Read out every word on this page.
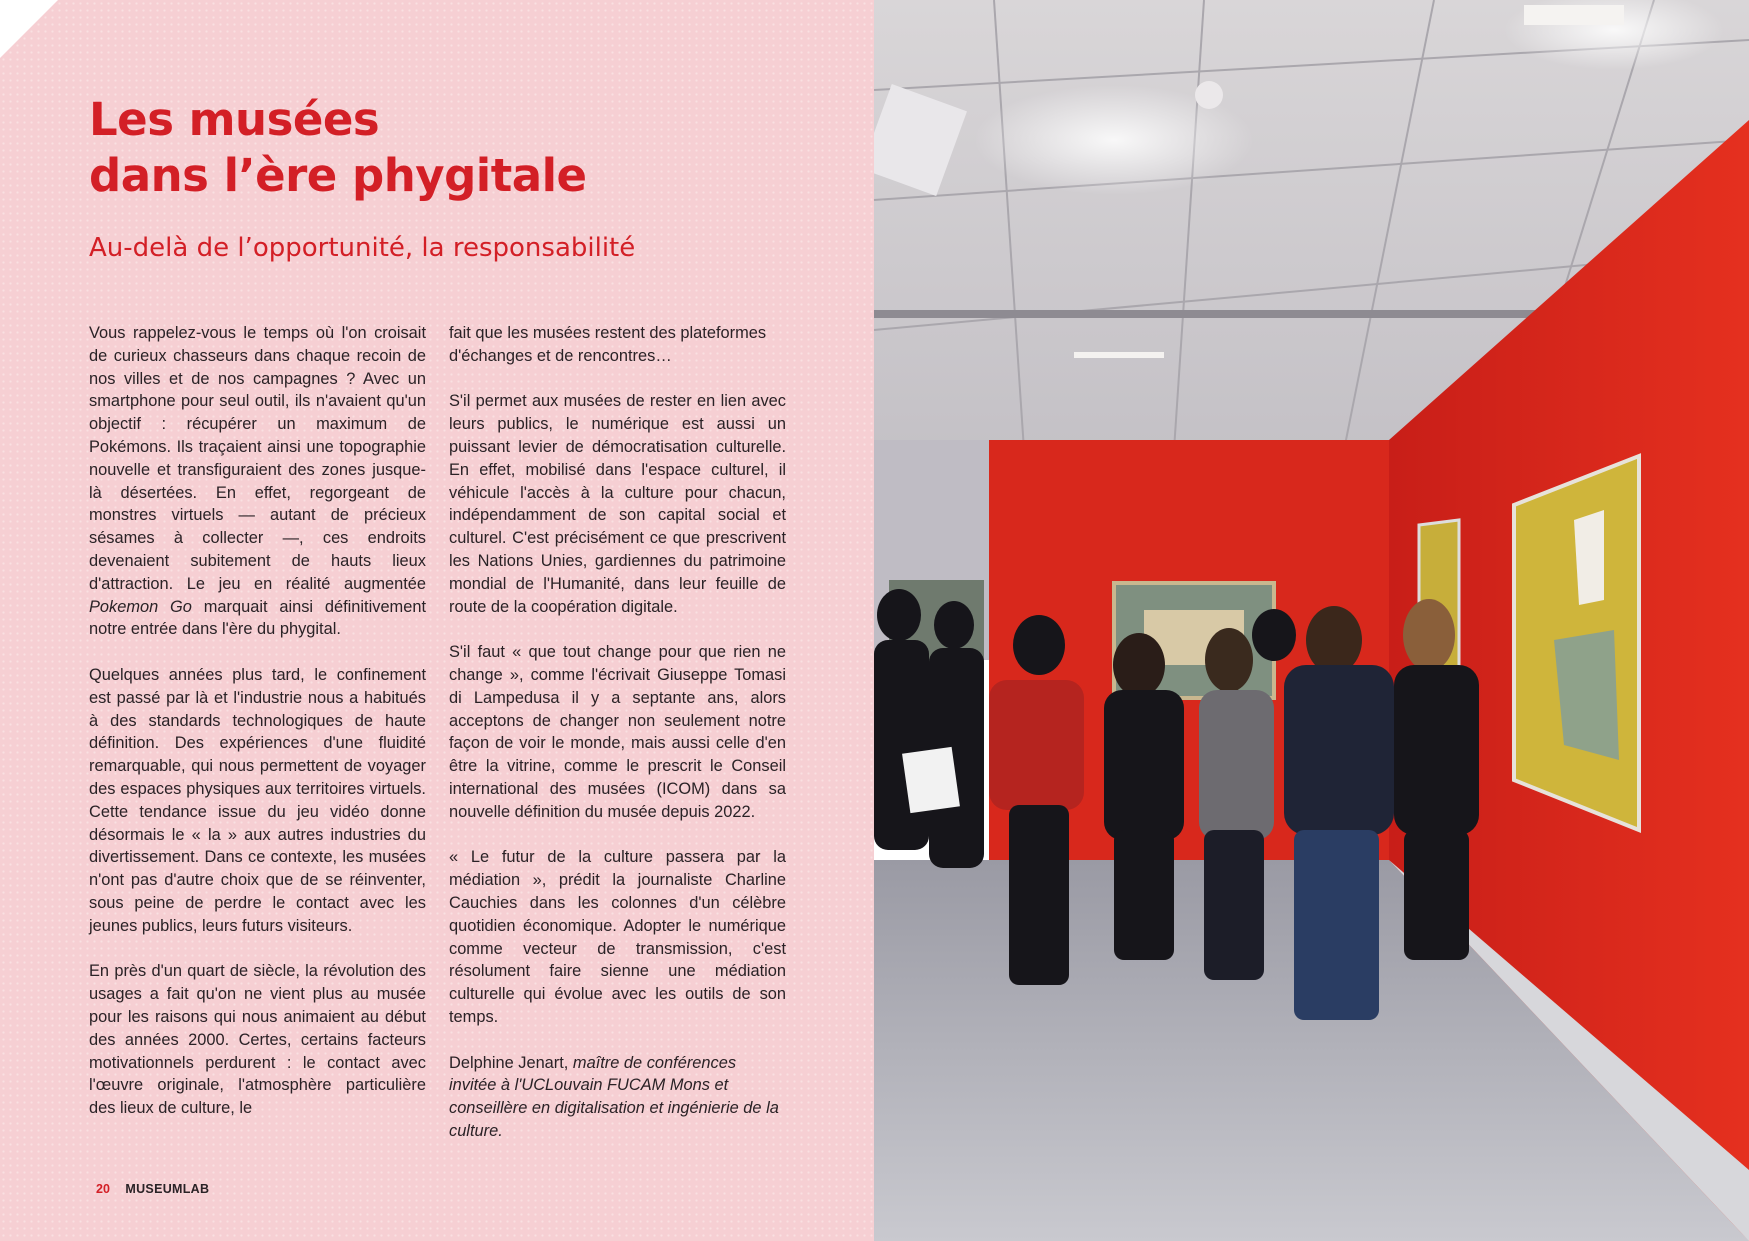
Les musées
dans l’ère phygitale
Au-delà de l’opportunité, la responsabilité

Vous rappelez-vous le temps où l'on croisait de curieux chasseurs dans chaque recoin de nos villes et de nos campagnes ? Avec un smartphone pour seul outil, ils n'avaient qu'un objectif : récupérer un maximum de Pokémons. Ils traçaient ainsi une topographie nouvelle et transfiguraient des zones jusque-là désertées. En effet, regorgeant de monstres virtuels — autant de précieux sésames à collecter —, ces endroits devenaient subitement de hauts lieux d'attraction. Le jeu en réalité augmentée Pokemon Go marquait ainsi définitivement notre entrée dans l'ère du phygital.

Quelques années plus tard, le confinement est passé par là et l'industrie nous a habitués à des standards technologiques de haute définition. Des expériences d'une fluidité remarquable, qui nous permettent de voyager des espaces physiques aux territoires virtuels. Cette tendance issue du jeu vidéo donne désormais le « la » aux autres industries du divertissement. Dans ce contexte, les musées n'ont pas d'autre choix que de se réinventer, sous peine de perdre le contact avec les jeunes publics, leurs futurs visiteurs.

En près d'un quart de siècle, la révolution des usages a fait qu'on ne vient plus au musée pour les raisons qui nous animaient au début des années 2000. Certes, certains facteurs motivationnels perdurent : le contact avec l'œuvre originale, l'atmosphère particulière des lieux de culture, le

fait que les musées restent des plateformes d'échanges et de rencontres…

S'il permet aux musées de rester en lien avec leurs publics, le numérique est aussi un puissant levier de démocratisation culturelle. En effet, mobilisé dans l'espace culturel, il véhicule l'accès à la culture pour chacun, indépendamment de son capital social et culturel. C'est précisément ce que prescrivent les Nations Unies, gardiennes du patrimoine mondial de l'Humanité, dans leur feuille de route de la coopération digitale.

S'il faut « que tout change pour que rien ne change », comme l'écrivait Giuseppe Tomasi di Lampedusa il y a septante ans, alors acceptons de changer non seulement notre façon de voir le monde, mais aussi celle d'en être la vitrine, comme le prescrit le Conseil international des musées (ICOM) dans sa nouvelle définition du musée depuis 2022.

« Le futur de la culture passera par la médiation », prédit la journaliste Charline Cauchies dans les colonnes d'un célèbre quotidien économique. Adopter le numérique comme vecteur de transmission, c'est résolument faire sienne une médiation culturelle qui évolue avec les outils de son temps.

Delphine Jenart, maître de conférences invitée à l'UCLouvain FUCAM Mons et conseillère en digitalisation et ingénierie de la culture.

20 MUSEUMLAB
